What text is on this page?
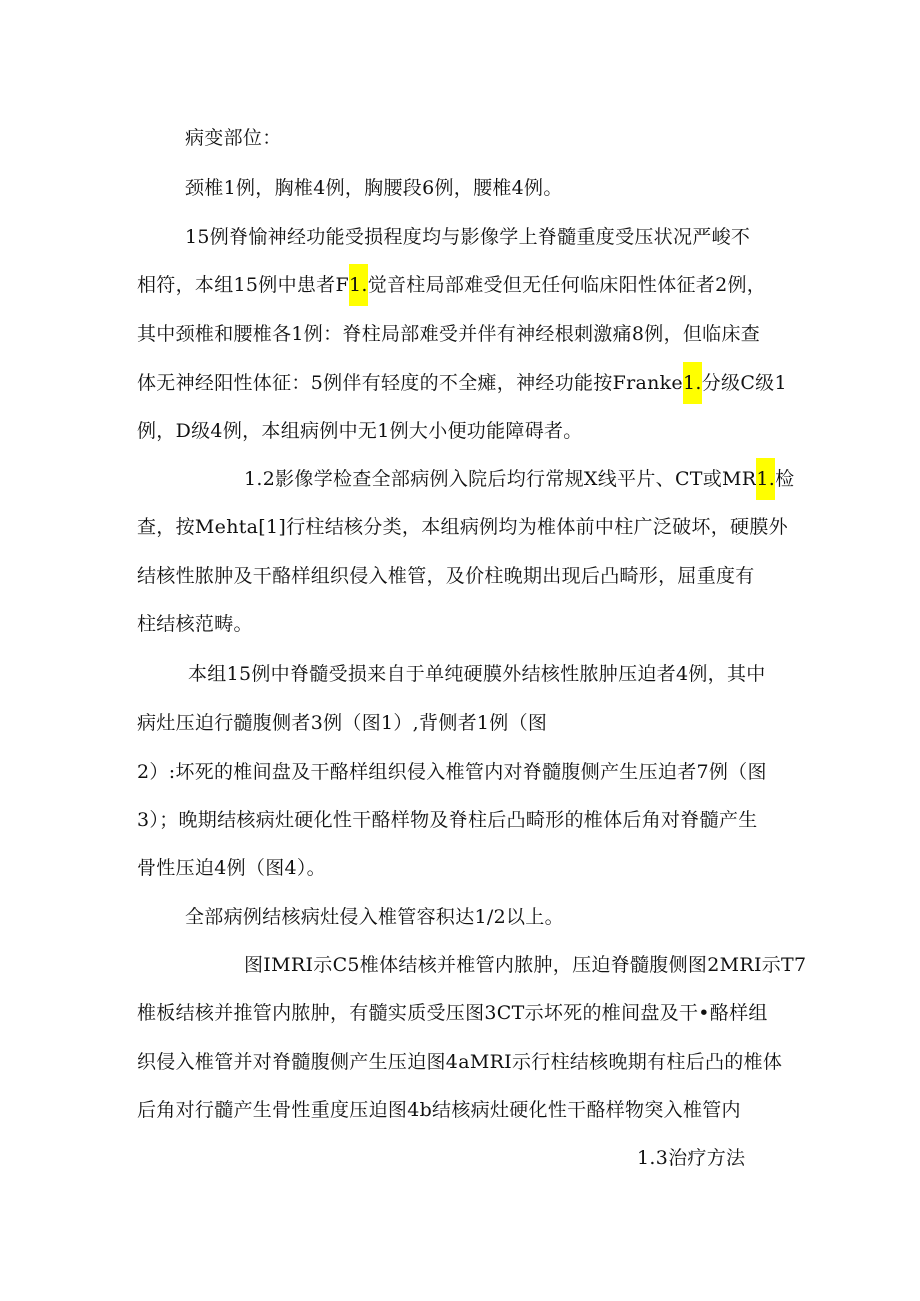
病变部位：
颈椎1例，胸椎4例，胸腰段6例，腰椎4例。
15例脊愉神经功能受损程度均与影像学上脊髓重度受压状况严峻不
相符，本组15例中患者F1.觉音柱局部难受但无任何临床阳性体征者2例，
其中颈椎和腰椎各1例：脊柱局部难受并伴有神经根刺激痛8例，但临床查
体无神经阳性体征：5例伴有轻度的不全瘫，神经功能按Franke1.分级C级1
例，D级4例，本组病例中无1例大小便功能障碍者。
1.2影像学检查全部病例入院后均行常规X线平片、CT或MR1.检
查，按Mehta[1]行柱结核分类，本组病例均为椎体前中柱广泛破坏，硬膜外
结核性脓肿及干酪样组织侵入椎管，及价柱晚期出现后凸畸形，屈重度有
柱结核范畴。
本组15例中脊髓受损来自于单纯硬膜外结核性脓肿压迫者4例，其中
病灶压迫行髓腹侧者3例（图1）,背侧者1例（图
2）:坏死的椎间盘及干酪样组织侵入椎管内对脊髓腹侧产生压迫者7例（图
3）；晚期结核病灶硬化性干酪样物及脊柱后凸畸形的椎体后角对脊髓产生
骨性压迫4例（图4）。
全部病例结核病灶侵入椎管容积达1/2以上。
图IMRI示C5椎体结核并椎管内脓肿，压迫脊髓腹侧图2MRI示T7
椎板结核并推管内脓肿，有髓实质受压图3CT示坏死的椎间盘及干•酪样组
织侵入椎管并对脊髓腹侧产生压迫图4aMRI示行柱结核晚期有柱后凸的椎体
后角对行髓产生骨性重度压迫图4b结核病灶硬化性干酪样物突入椎管内
1.3治疗方法
